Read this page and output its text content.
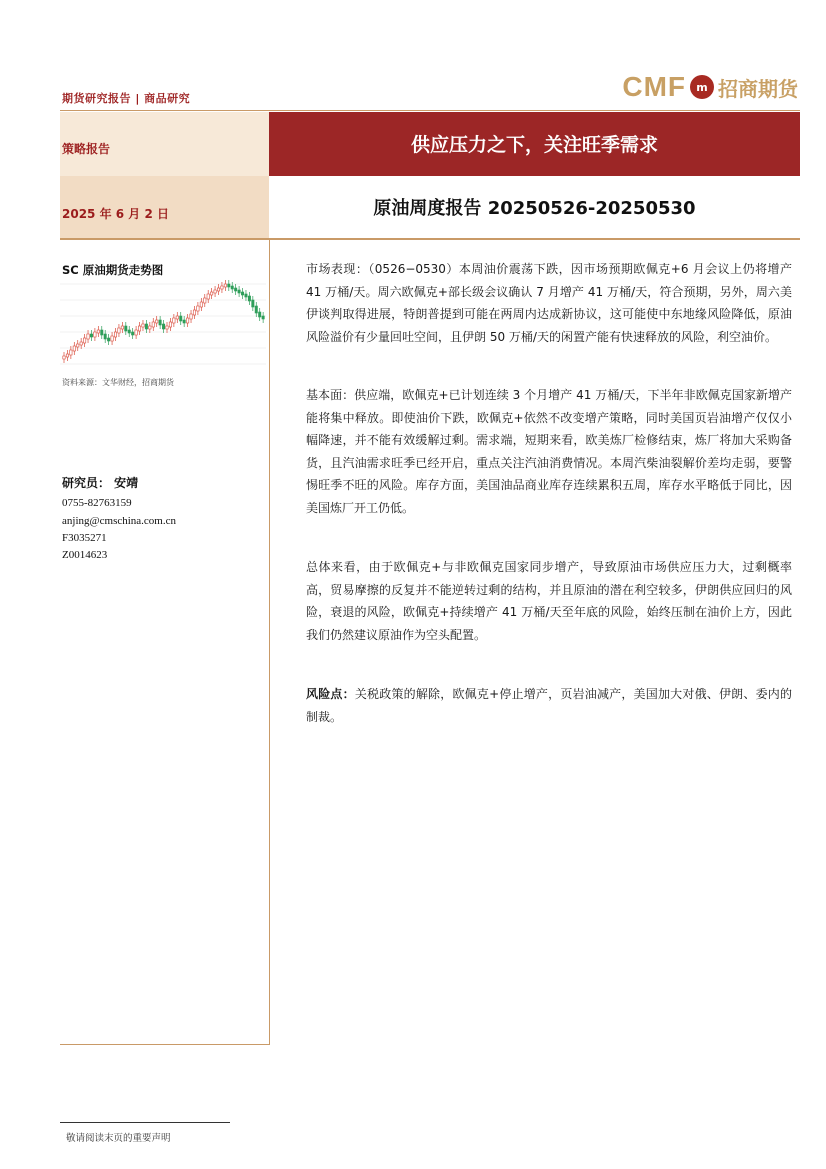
期货研究报告 | 商品研究	CMF m 招商期货
策略报告
2025 年 6 月 2 日
供应压力之下，关注旺季需求
原油周度报告 20250526-20250530
SC 原油期货走势图
资料来源：文华财经，招商期货
研究员： 安靖
0755-82763159
anjing@cmschina.com.cn
F3035271
Z0014623
市场表现：（0526−0530）本周油价震荡下跌，因市场预期欧佩克+6 月会议上仍将增产 41 万桶/天。周六欧佩克+部长级会议确认 7 月增产 41 万桶/天，符合预期，另外，周六美伊谈判取得进展，特朗普提到可能在两周内达成新协议，这可能使中东地缘风险降低，原油风险溢价有少量回吐空间，且伊朗 50 万桶/天的闲置产能有快速释放的风险，利空油价。
基本面：供应端，欧佩克+已计划连续 3 个月增产 41 万桶/天，下半年非欧佩克国家新增产能将集中释放。即使油价下跌，欧佩克+依然不改变增产策略，同时美国页岩油增产仅仅小幅降速，并不能有效缓解过剩。需求端，短期来看，欧美炼厂检修结束，炼厂将加大采购备货，且汽油需求旺季已经开启，重点关注汽油消费情况。本周汽柴油裂解价差均走弱，要警惕旺季不旺的风险。库存方面，美国油品商业库存连续累积五周，库存水平略低于同比，因美国炼厂开工仍低。
总体来看，由于欧佩克+与非欧佩克国家同步增产，导致原油市场供应压力大，过剩概率高，贸易摩擦的反复并不能逆转过剩的结构，并且原油的潜在利空较多，伊朗供应回归的风险，衰退的风险，欧佩克+持续增产 41 万桶/天至年底的风险，始终压制在油价上方，因此我们仍然建议原油作为空头配置。
风险点：关税政策的解除，欧佩克+停止增产，页岩油减产，美国加大对俄、伊朗、委内的制裁。
敬请阅读末页的重要声明
